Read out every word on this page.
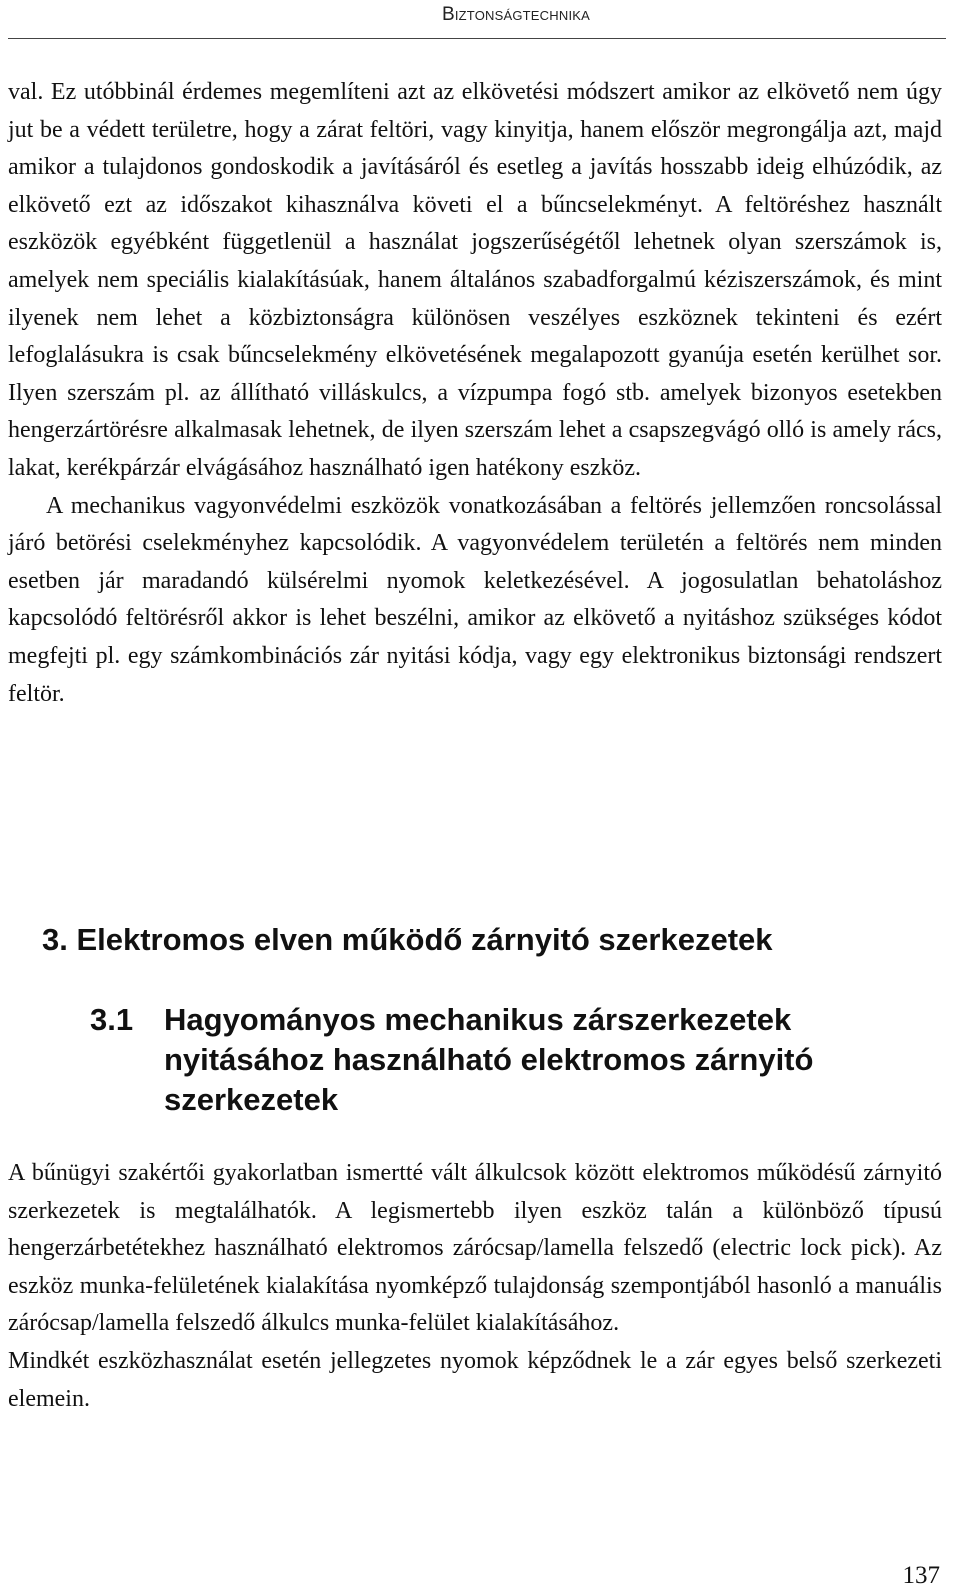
Biztonságtechnika

val. Ez utóbbinál érdemes megemlíteni azt az elkövetési módszert amikor az elkövető nem úgy jut be a védett területre, hogy a zárat feltöri, vagy kinyitja, hanem először megrongálja azt, majd amikor a tulajdonos gondoskodik a javításáról és esetleg a javítás hosszabb ideig elhúzódik, az elkövető ezt az időszakot kihasználva követi el a bűncselekményt. A feltöréshez használt eszközök egyébként függetlenül a használat jogszerűségétől lehetnek olyan szerszámok is, amelyek nem speciális kialakításúak, hanem általános szabadforgalmú kéziszerszámok, és mint ilyenek nem lehet a közbiztonságra különösen veszélyes eszköznek tekinteni és ezért lefoglalásukra is csak bűncselekmény elkövetésének megalapozott gyanúja esetén kerülhet sor. Ilyen szerszám pl. az állítható villáskulcs, a vízpumpa fogó stb. amelyek bizonyos esetekben hengerzártörésre alkalmasak lehetnek, de ilyen szerszám lehet a csapszegvágó olló is amely rács, lakat, kerékpárzár elvágásához használható igen hatékony eszköz.

A mechanikus vagyonvédelmi eszközök vonatkozásában a feltörés jellemzően roncsolással járó betörési cselekményhez kapcsolódik. A vagyonvédelem területén a feltörés nem minden esetben jár maradandó külsérelmi nyomok keletkezésével. A jogosulatlan behatoláshoz kapcsolódó feltörésről akkor is lehet beszélni, amikor az elkövető a nyitáshoz szükséges kódot megfejti pl. egy számkombinációs zár nyitási kódja, vagy egy elektronikus biztonsági rendszert feltör.

3. Elektromos elven működő zárnyitó szerkezetek
3.1 Hagyományos mechanikus zárszerkezetek nyitásához használható elektromos zárnyitó szerkezetek

A bűnügyi szakértői gyakorlatban ismertté vált álkulcsok között elektromos működésű zárnyitó szerkezetek is megtalálhatók. A legismertebb ilyen eszköz talán a különböző típusú hengerzárbetétekhez használható elektromos zárócsap/lamella felszedő (electric lock pick). Az eszköz munka-felületének kialakítása nyomképző tulajdonság szempontjából hasonló a manuális zárócsap/lamella felszedő álkulcs munka-felület kialakításához.

Mindkét eszközhasználat esetén jellegzetes nyomok képződnek le a zár egyes belső szerkezeti elemein.

137
